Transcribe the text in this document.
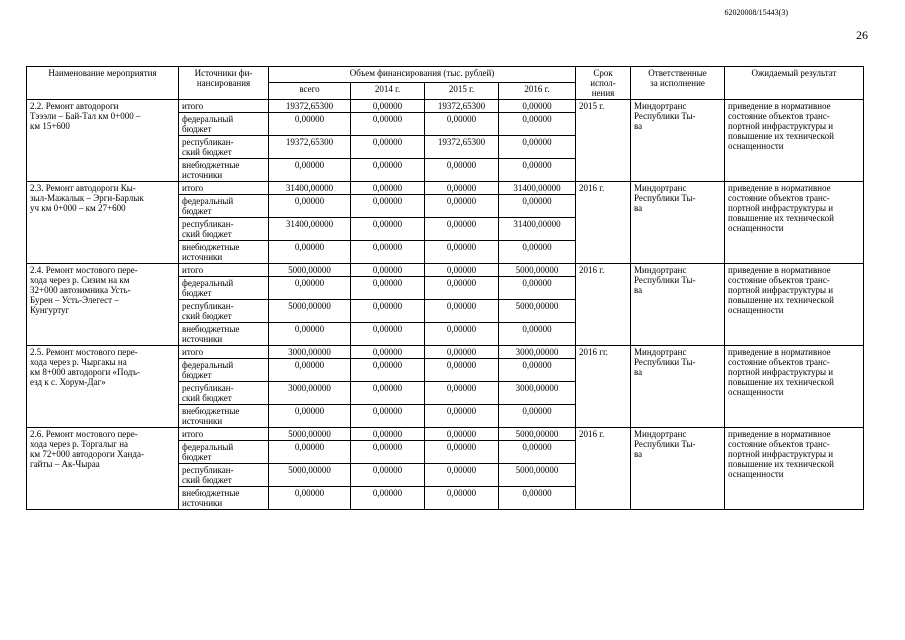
62020008/15443(3)
26
Наименование мероприятия	Источники фи-
нансирования	Объем финансирования (тыс. рублей)				Срок
испол-
нения	Ответственные
за исполнение	Ожидаемый результат
		всего	2014 г.	2015 г.	2016 г.			
2.2. Ремонт автодороги
Тэээли – Бай-Тал км 0+000 –
км 15+600	итого	19372,65300	0,00000	19372,65300	0,00000	2015 г.	Миндортранс
Республики Ты-
ва	приведение в нормативное
состояние объектов транс-
портной инфраструктуры и
повышение их технической
оснащенности
	федеральный
бюджет	0,00000	0,00000	0,00000	0,00000			
	республикан-
ский бюджет	19372,65300	0,00000	19372,65300	0,00000			
	внебюджетные
источники	0,00000	0,00000	0,00000	0,00000			
2.3. Ремонт автодороги Кы-
зыл-Мажалык – Эрги-Барлык
уч км 0+000 – км 27+600	итого	31400,00000	0,00000	0,00000	31400,00000	2016 г.	Миндортранс
Республики Ты-
ва	приведение в нормативное
состояние объектов транс-
портной инфраструктуры и
повышение их технической
оснащенности
	федеральный
бюджет	0,00000	0,00000	0,00000	0,00000			
	республикан-
ский бюджет	31400,00000	0,00000	0,00000	31400,00000			
	внебюджетные
источники	0,00000	0,00000	0,00000	0,00000			
2.4. Ремонт мостового пере-
хода через р. Сизим на км
32+000 автозимника Усть-
Бурен – Усть-Элегест –
Кунгуртуг	итого	5000,00000	0,00000	0,00000	5000,00000	2016 г.	Миндортранс
Республики Ты-
ва	приведение в нормативное
состояние объектов транс-
портной инфраструктуры и
повышение их технической
оснащенности
	федеральный
бюджет	0,00000	0,00000	0,00000	0,00000			
	республикан-
ский бюджет	5000,00000	0,00000	0,00000	5000,00000			
	внебюджетные
источники	0,00000	0,00000	0,00000	0,00000			
2.5. Ремонт мостового пере-
хода через р. Чыргакы на
км 8+000 автодороги «Подъ-
езд к с. Хорум-Даг»	итого	3000,00000	0,00000	0,00000	3000,00000	2016 гг.	Миндортранс
Республики Ты-
ва	приведение в нормативное
состояние объектов транс-
портной инфраструктуры и
повышение их технической
оснащенности
	федеральный
бюджет	0,00000	0,00000	0,00000	0,00000			
	республикан-
ский бюджет	3000,00000	0,00000	0,00000	3000,00000			
	внебюджетные
источники	0,00000	0,00000	0,00000	0,00000			
2.6. Ремонт мостового пере-
хода через р. Торгалыг на
км 72+000 автодороги Ханда-
гайты – Ак-Чыраа	итого	5000,00000	0,00000	0,00000	5000,00000	2016 г.	Миндортранс
Республики Ты-
ва	приведение в нормативное
состояние объектов транс-
портной инфраструктуры и
повышение их технической
оснащенности
	федеральный
бюджет	0,00000	0,00000	0,00000	0,00000			
	республикан-
ский бюджет	5000,00000	0,00000	0,00000	5000,00000			
	внебюджетные
источники	0,00000	0,00000	0,00000	0,00000			
